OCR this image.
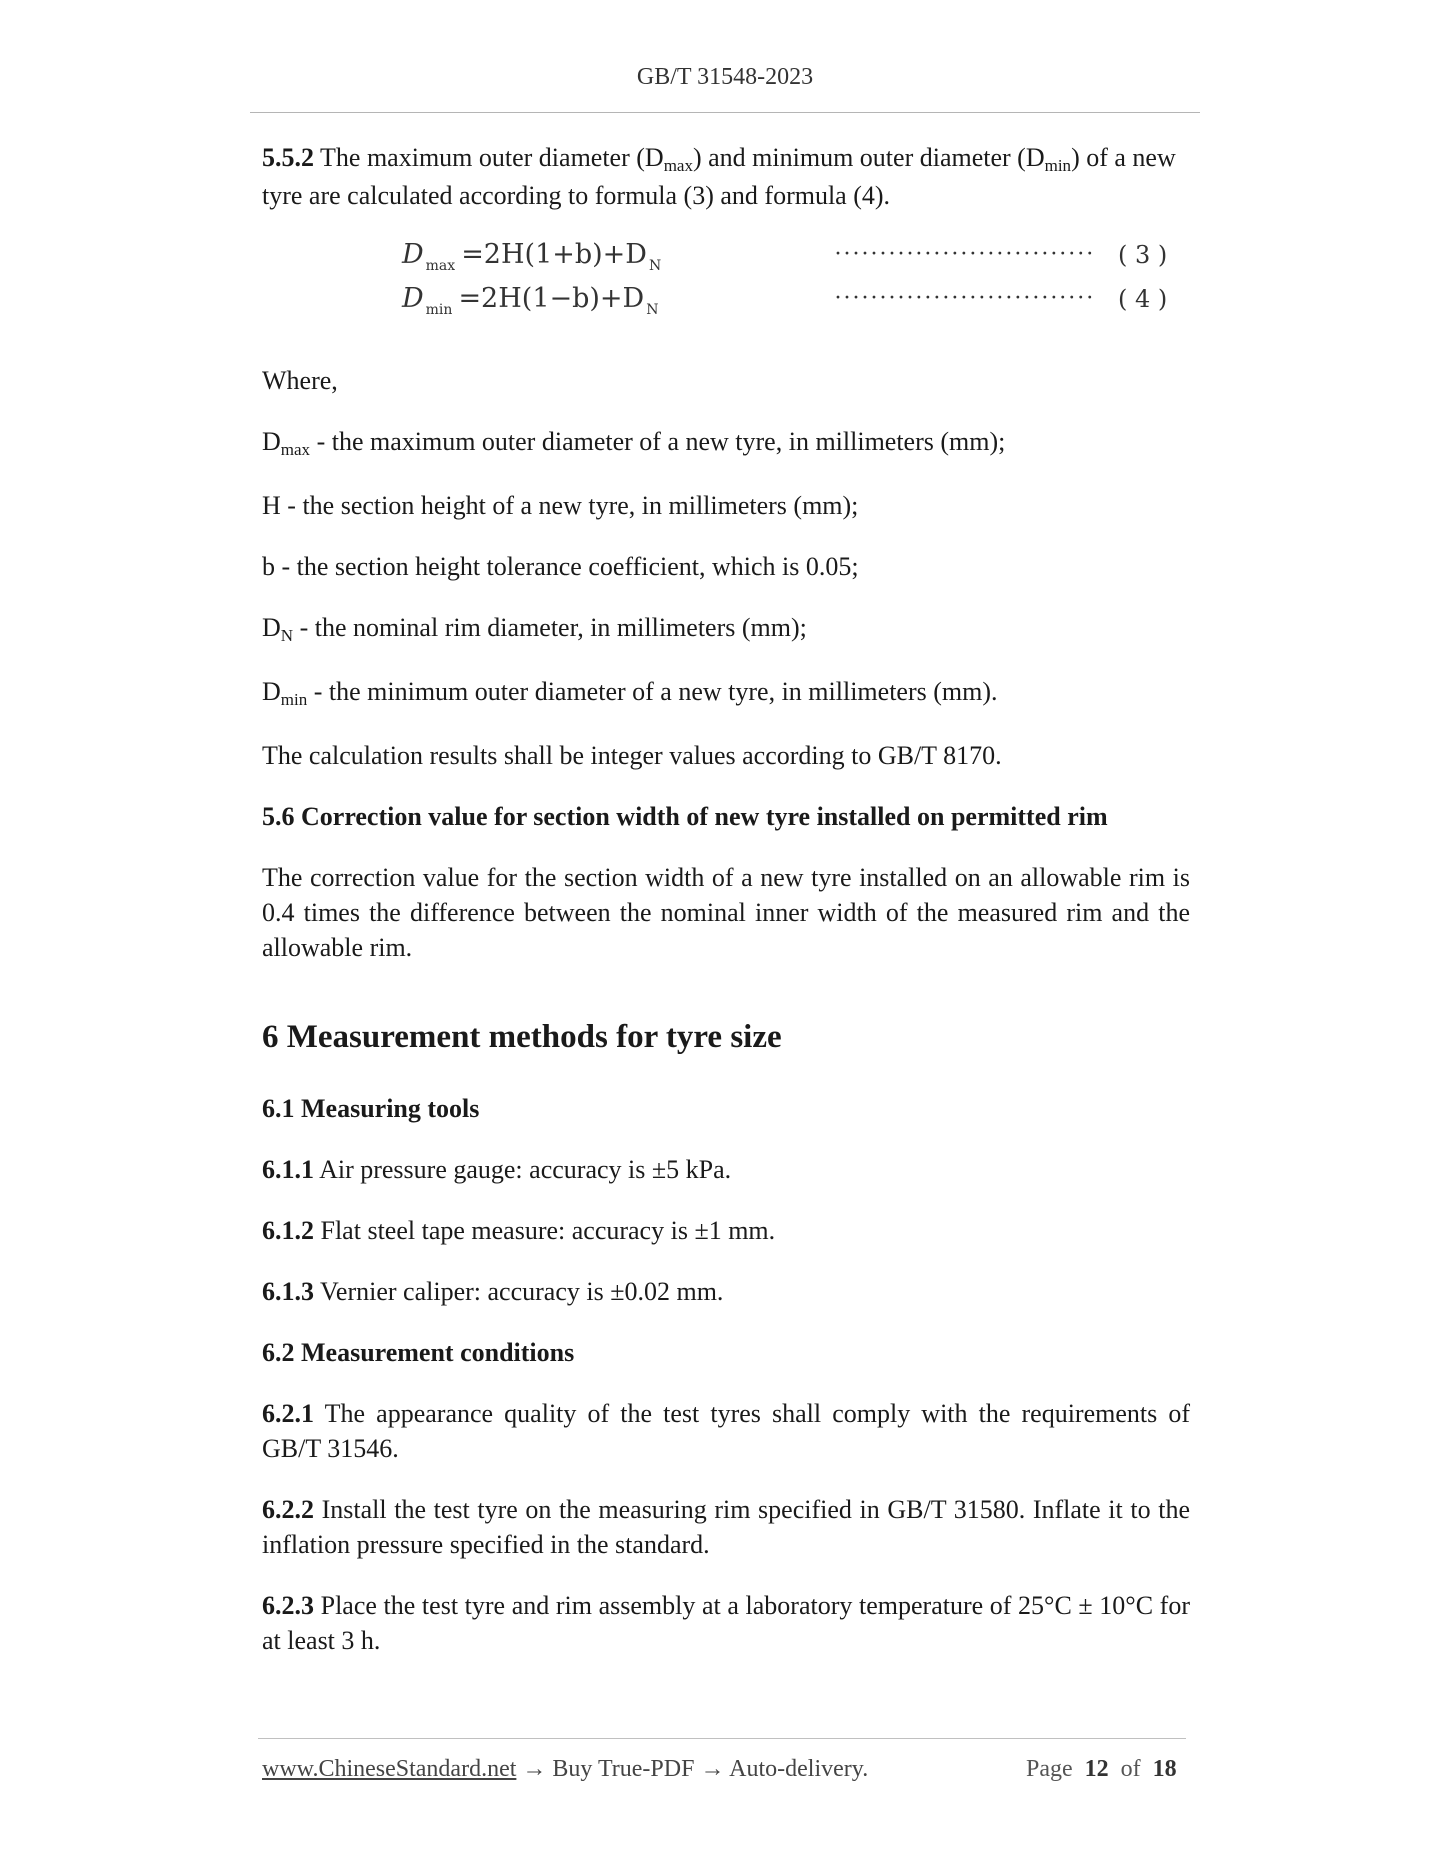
GB/T 31548-2023

5.5.2 The maximum outer diameter (Dmax) and minimum outer diameter (Dmin) of a new tyre are calculated according to formula (3) and formula (4).

D $_{max}$ =2H(1+b)+D $_N$	····························· ( 3 )
D $_{min}$ =2H(1−b)+D $_N$	····························· ( 4 )

Where,

Dmax - the maximum outer diameter of a new tyre, in millimeters (mm);

H - the section height of a new tyre, in millimeters (mm);

b - the section height tolerance coefficient, which is 0.05;

DN - the nominal rim diameter, in millimeters (mm);

Dmin - the minimum outer diameter of a new tyre, in millimeters (mm).

The calculation results shall be integer values according to GB/T 8170.

5.6 Correction value for section width of new tyre installed on permitted rim

The correction value for the section width of a new tyre installed on an allowable rim is 0.4 times the difference between the nominal inner width of the measured rim and the allowable rim.

6 Measurement methods for tyre size

6.1 Measuring tools

6.1.1 Air pressure gauge: accuracy is ±5 kPa.

6.1.2 Flat steel tape measure: accuracy is ±1 mm.

6.1.3 Vernier caliper: accuracy is ±0.02 mm.

6.2 Measurement conditions

6.2.1 The appearance quality of the test tyres shall comply with the requirements of GB/T 31546.

6.2.2 Install the test tyre on the measuring rim specified in GB/T 31580. Inflate it to the inflation pressure specified in the standard.

6.2.3 Place the test tyre and rim assembly at a laboratory temperature of 25°C ± 10°C for at least 3 h.

www.ChineseStandard.net → Buy True-PDF → Auto-delivery.	Page 12 of 18
